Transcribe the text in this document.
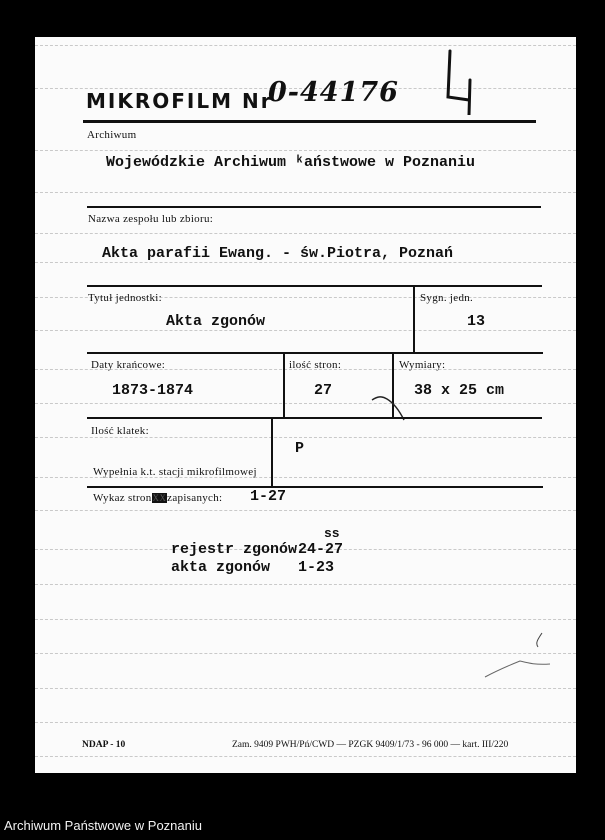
MIKROFILM Nr
0-44176
Archiwum
Wojewódzkie Archiwum ᵏaństwowe w Poznaniu
Nazwa zespołu lub zbioru:
Akta parafii Ewang. - św.Piotra, Poznań
Tytuł jednostki:
Akta zgonów
Sygn. jedn.
13
Daty krańcowe:
1873-1874
ilość stron:
27
Wymiary:
38 x 25 cm
Ilość klatek:
Wypełnia k.t. stacji mikrofilmowej
P
Wykaz stronXXzapisanych: 1-27
ss
rejestr zgonów 24-27
akta zgonów 1-23
NDAP - 10	Zam. 9409 PWH/Pń/CWD — PZGK 9409/1/73 - 96 000 — kart. III/220
Archiwum Państwowe w Poznaniu
